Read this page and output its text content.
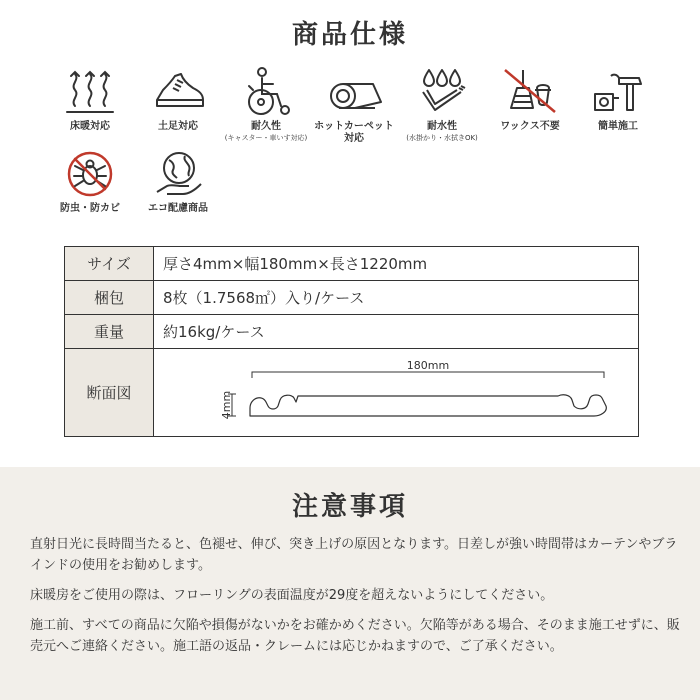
商品仕様
床暖対応	土足対応	耐久性
(キャスター・車いす対応)
ホットカーペット
対応
耐水性
(水掛かり・水拭きOK)
ワックス不要	簡単施工
防虫・防カビ	エコ配慮商品
サイズ	厚さ4mm×幅180mm×長さ1220mm
梱包	8枚（1.7568㎡）入り/ケース
重量	約16kg/ケース
断面図	180mm
4mm
注意事項

直射日光に長時間当たると、色褪せ、伸び、突き上げの原因となります。日差しが強い時間帯はカーテンやブラインドの使用をお勧めします。

床暖房をご使用の際は、フローリングの表面温度が29度を超えないようにしてください。

施工前、すべての商品に欠陥や損傷がないかをお確かめください。欠陥等がある場合、そのまま施工せずに、販売元へご連絡ください。施工語の返品・クレームには応じかねますので、ご了承ください。
